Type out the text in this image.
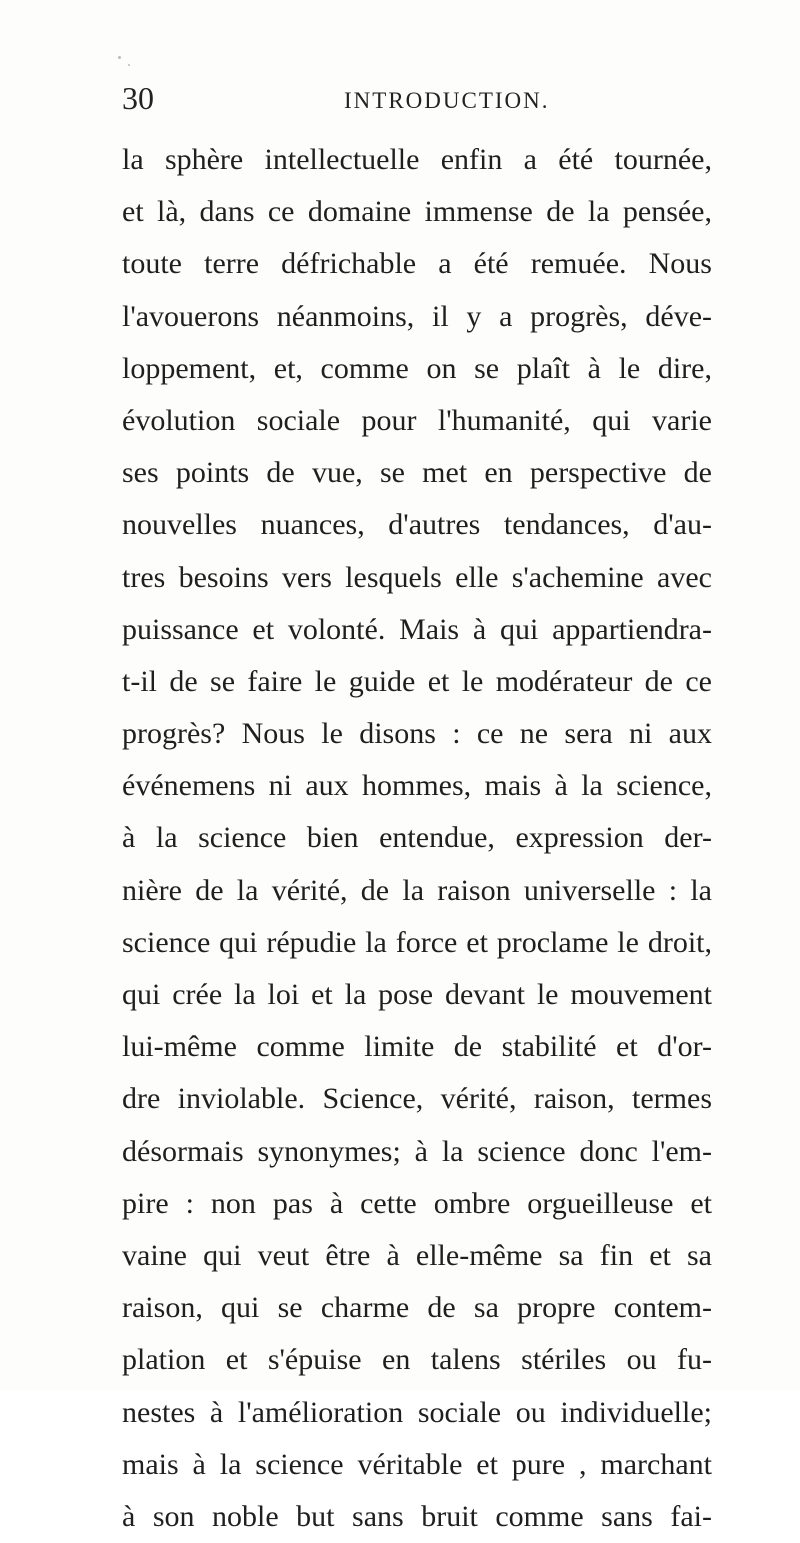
30	INTRODUCTION.
la sphère intellectuelle enfin a été tournée,
et là, dans ce domaine immense de la pensée,
toute terre défrichable a été remuée. Nous
l'avouerons néanmoins, il y a progrès, déve-
loppement, et, comme on se plaît à le dire,
évolution sociale pour l'humanité, qui varie
ses points de vue, se met en perspective de
nouvelles nuances, d'autres tendances, d'au-
tres besoins vers lesquels elle s'achemine avec
puissance et volonté. Mais à qui appartiendra-
t-il de se faire le guide et le modérateur de ce
progrès? Nous le disons : ce ne sera ni aux
événemens ni aux hommes, mais à la science,
à la science bien entendue, expression der-
nière de la vérité, de la raison universelle : la
science qui répudie la force et proclame le droit,
qui crée la loi et la pose devant le mouvement
lui-même comme limite de stabilité et d'or-
dre inviolable. Science, vérité, raison, termes
désormais synonymes; à la science donc l'em-
pire : non pas à cette ombre orgueilleuse et
vaine qui veut être à elle-même sa fin et sa
raison, qui se charme de sa propre contem-
plation et s'épuise en talens stériles ou fu-
nestes à l'amélioration sociale ou individuelle;
mais à la science véritable et pure , marchant
à son noble but sans bruit comme sans fai-
